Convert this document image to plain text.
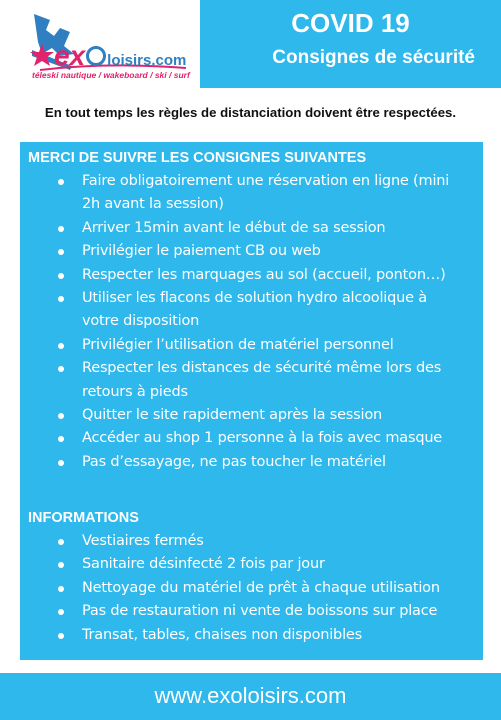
ex loisirs.com
téleski nautique / wakeboard / ski / surf
COVID 19
Consignes de sécurité
En tout temps les règles de distanciation doivent être respectées.
MERCI DE SUIVRE LES CONSIGNES SUIVANTES
Faire obligatoirement une réservation en ligne (mini 2h avant la session)
Arriver 15min avant le début de sa session
Privilégier le paiement CB ou web
Respecter les marquages au sol (accueil, ponton…)
Utiliser les flacons de solution hydro alcoolique à votre disposition
Privilégier l’utilisation de matériel personnel
Respecter les distances de sécurité même lors des retours à pieds
Quitter le site rapidement après la session
Accéder au shop 1 personne à la fois avec masque
Pas d’essayage, ne pas toucher le matériel
INFORMATIONS
Vestiaires fermés
Sanitaire désinfecté 2 fois par jour
Nettoyage du matériel de prêt à chaque utilisation
Pas de restauration ni vente de boissons sur place
Transat, tables, chaises non disponibles
www.exoloisirs.com
